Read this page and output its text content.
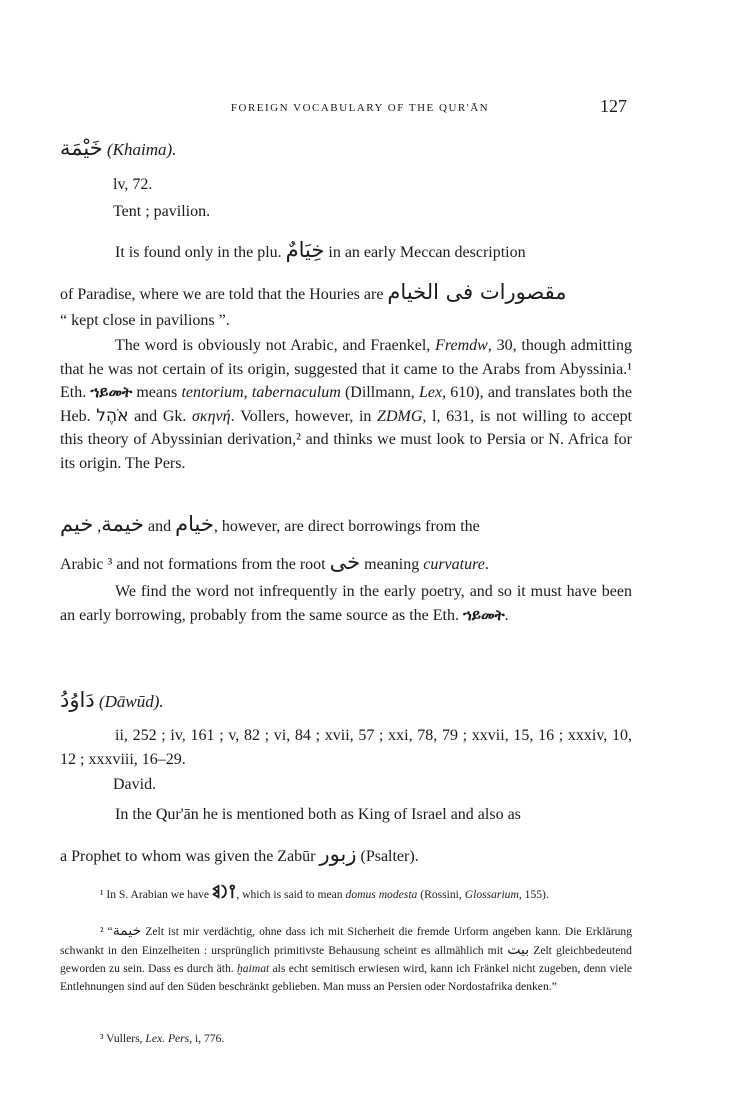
FOREIGN VOCABULARY OF THE QUR'ĀN	127
خَيْمَة (Khaima).
lv, 72.
Tent ; pavilion.
It is found only in the plu. خِيَامٌ in an early Meccan description
of Paradise, where we are told that the Houries are مقصورات فى الخيام
“ kept close in pavilions ”.
The word is obviously not Arabic, and Fraenkel, Fremdw, 30, though admitting that he was not certain of its origin, suggested that it came to the Arabs from Abyssinia.¹ Eth. ኀይመት means tentorium, tabernaculum (Dillmann, Lex, 610), and translates both the Heb. אֹהֶל and Gk. σκηνή. Vollers, however, in ZDMG, l, 631, is not willing to accept this theory of Abyssinian derivation,² and thinks we must look to Persia or N. Africa for its origin. The Pers.
خيمة, خيم	and خيام, however, are direct borrowings from the
Arabic ³ and not formations from the root خى meaning curvature.
We find the word not infrequently in the early poetry, and so it must have been an early borrowing, probably from the same source as the Eth. ኀይመት.
دَاوُدُ (Dāwūd).
ii, 252 ; iv, 161 ; v, 82 ; vi, 84 ; xvii, 57 ; xxi, 78, 79 ; xxvii, 15, 16 ; xxxiv, 10, 12 ; xxxviii, 16–29.
David.
In the Qur'ān he is mentioned both as King of Israel and also as
a Prophet to whom was given the Zabūr زبور (Psalter).
¹ In S. Arabian we have 𐩺𐩧𐩣, which is said to mean domus modesta (Rossini, Glossarium, 155).
² “خيمة Zelt ist mir verdächtig, ohne dass ich mit Sicherheit die fremde Urform angeben kann. Die Erklärung schwankt in den Einzelheiten : ursprünglich primitivste Behausung scheint es allmählich mit بيت Zelt gleichbedeutend geworden zu sein. Dass es durch äth. ḫaimat als echt semitisch erwiesen wird, kann ich Fränkel nicht zugeben, denn viele Entlehnungen sind auf den Süden beschränkt geblieben. Man muss an Persien oder Nordostafrika denken.”
³ Vullers, Lex. Pers, i, 776.
